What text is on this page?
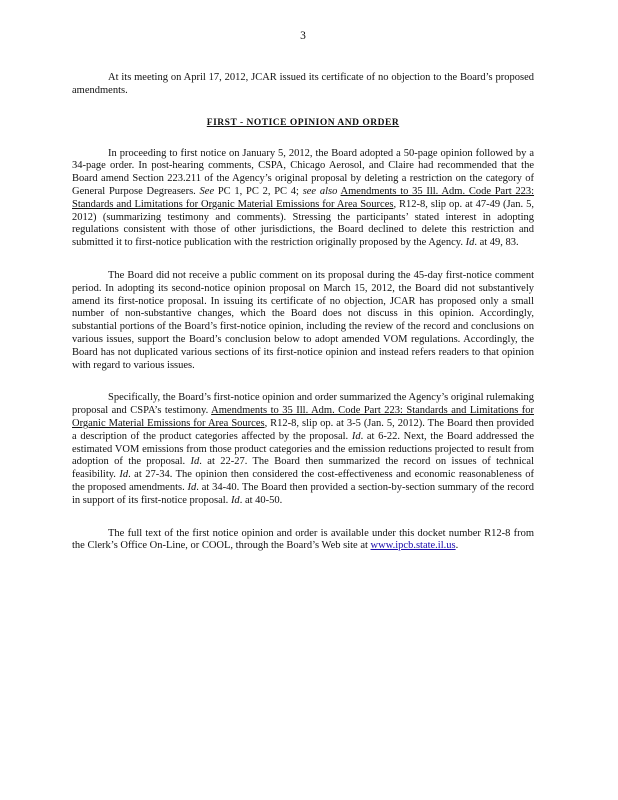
3

At its meeting on April 17, 2012, JCAR issued its certificate of no objection to the Board’s proposed amendments.

FIRST - NOTICE OPINION AND ORDER

In proceeding to first notice on January 5, 2012, the Board adopted a 50-page opinion followed by a 34-page order. In post-hearing comments, CSPA, Chicago Aerosol, and Claire had recommended that the Board amend Section 223.211 of the Agency’s original proposal by deleting a restriction on the category of General Purpose Degreasers. See PC 1, PC 2, PC 4; see also Amendments to 35 Ill. Adm. Code Part 223: Standards and Limitations for Organic Material Emissions for Area Sources, R12-8, slip op. at 47-49 (Jan. 5, 2012) (summarizing testimony and comments). Stressing the participants’ stated interest in adopting regulations consistent with those of other jurisdictions, the Board declined to delete this restriction and submitted it to first-notice publication with the restriction originally proposed by the Agency. Id. at 49, 83.

The Board did not receive a public comment on its proposal during the 45-day first-notice comment period. In adopting its second-notice opinion proposal on March 15, 2012, the Board did not substantively amend its first-notice proposal. In issuing its certificate of no objection, JCAR has proposed only a small number of non-substantive changes, which the Board does not discuss in this opinion. Accordingly, substantial portions of the Board’s first-notice opinion, including the review of the record and conclusions on various issues, support the Board’s conclusion below to adopt amended VOM regulations. Accordingly, the Board has not duplicated various sections of its first-notice opinion and instead refers readers to that opinion with regard to various issues.

Specifically, the Board’s first-notice opinion and order summarized the Agency’s original rulemaking proposal and CSPA’s testimony. Amendments to 35 Ill. Adm. Code Part 223: Standards and Limitations for Organic Material Emissions for Area Sources, R12-8, slip op. at 3-5 (Jan. 5, 2012). The Board then provided a description of the product categories affected by the proposal. Id. at 6-22. Next, the Board addressed the estimated VOM emissions from those product categories and the emission reductions projected to result from adoption of the proposal. Id. at 22-27. The Board then summarized the record on issues of technical feasibility. Id. at 27-34. The opinion then considered the cost-effectiveness and economic reasonableness of the proposed amendments. Id. at 34-40. The Board then provided a section-by-section summary of the record in support of its first-notice proposal. Id. at 40-50.

The full text of the first notice opinion and order is available under this docket number R12-8 from the Clerk’s Office On-Line, or COOL, through the Board’s Web site at www.ipcb.state.il.us.
